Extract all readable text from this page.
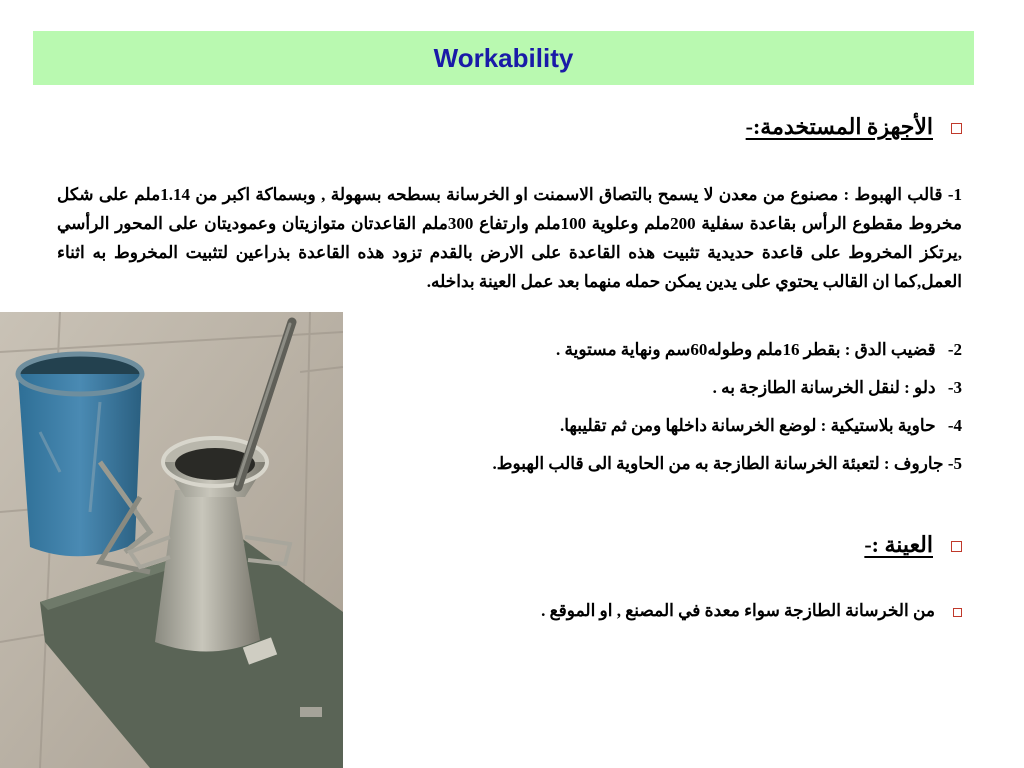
Workability
الأجهزة المستخدمة:-
1- قالب الهبوط : مصنوع من معدن لا يسمح بالتصاق الاسمنت او الخرسانة بسطحه بسهولة , وبسماكة اكبر من 1.14ملم على شكل مخروط مقطوع الرأس بقاعدة سفلية 200ملم وعلوية 100ملم وارتفاع 300ملم القاعدتان متوازيتان وعموديتان على المحور الرأسي ,يرتكز المخروط على قاعدة حديدية تثبيت هذه القاعدة على الارض بالقدم تزود هذه القاعدة بذراعين لتثبيت المخروط به اثناء العمل,كما ان القالب يحتوي على يدين يمكن حمله منهما بعد عمل العينة بداخله.
2- قضيب الدق : بقطر 16ملم وطوله60سم ونهاية مستوية .
3- دلو : لنقل الخرسانة الطازجة به .
4- حاوية بلاستيكية : لوضع الخرسانة داخلها ومن ثم تقليبها.
5- جاروف : لتعبئة الخرسانة الطازجة به من الحاوية الى قالب الهبوط.
العينة :-
من الخرسانة الطازجة سواء معدة في المصنع , او الموقع .
